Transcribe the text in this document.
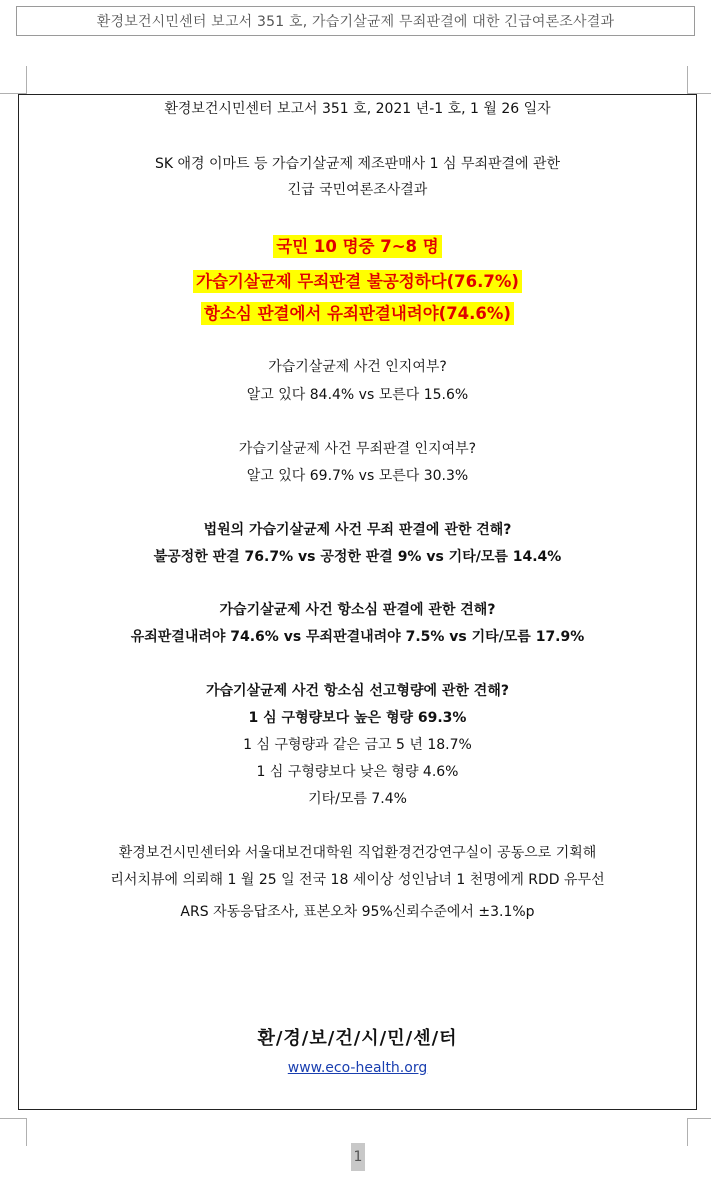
환경보건시민센터 보고서 351 호, 가습기살균제 무죄판결에 대한 긴급여론조사결과
환경보건시민센터 보고서 351 호, 2021 년-1 호, 1 월 26 일자
SK 애경 이마트 등 가습기살균제 제조판매사 1 심 무죄판결에 관한
긴급 국민여론조사결과
국민 10 명중 7~8 명
가습기살균제 무죄판결 불공정하다(76.7%)
항소심 판결에서 유죄판결내려야(74.6%)
가습기살균제 사건 인지여부?
알고 있다 84.4% vs 모른다 15.6%
가습기살균제 사건 무죄판결 인지여부?
알고 있다 69.7% vs 모른다 30.3%
법원의 가습기살균제 사건 무죄 판결에 관한 견해?
불공정한 판결 76.7% vs 공정한 판결 9% vs 기타/모름 14.4%
가습기살균제 사건 항소심 판결에 관한 견해?
유죄판결내려야 74.6% vs 무죄판결내려야 7.5% vs 기타/모름 17.9%
가습기살균제 사건 항소심 선고형량에 관한 견해?
1 심 구형량보다 높은 형량 69.3%
1 심 구형량과 같은 금고 5 년 18.7%
1 심 구형량보다 낮은 형량 4.6%
기타/모름 7.4%
환경보건시민센터와 서울대보건대학원 직업환경건강연구실이 공동으로 기획해
리서치뷰에 의뢰해 1 월 25 일 전국 18 세이상 성인남녀 1 천명에게 RDD 유무선
ARS 자동응답조사, 표본오차 95%신뢰수준에서 ±3.1%p
환/경/보/건/시/민/센/터
www.eco-health.org
1
